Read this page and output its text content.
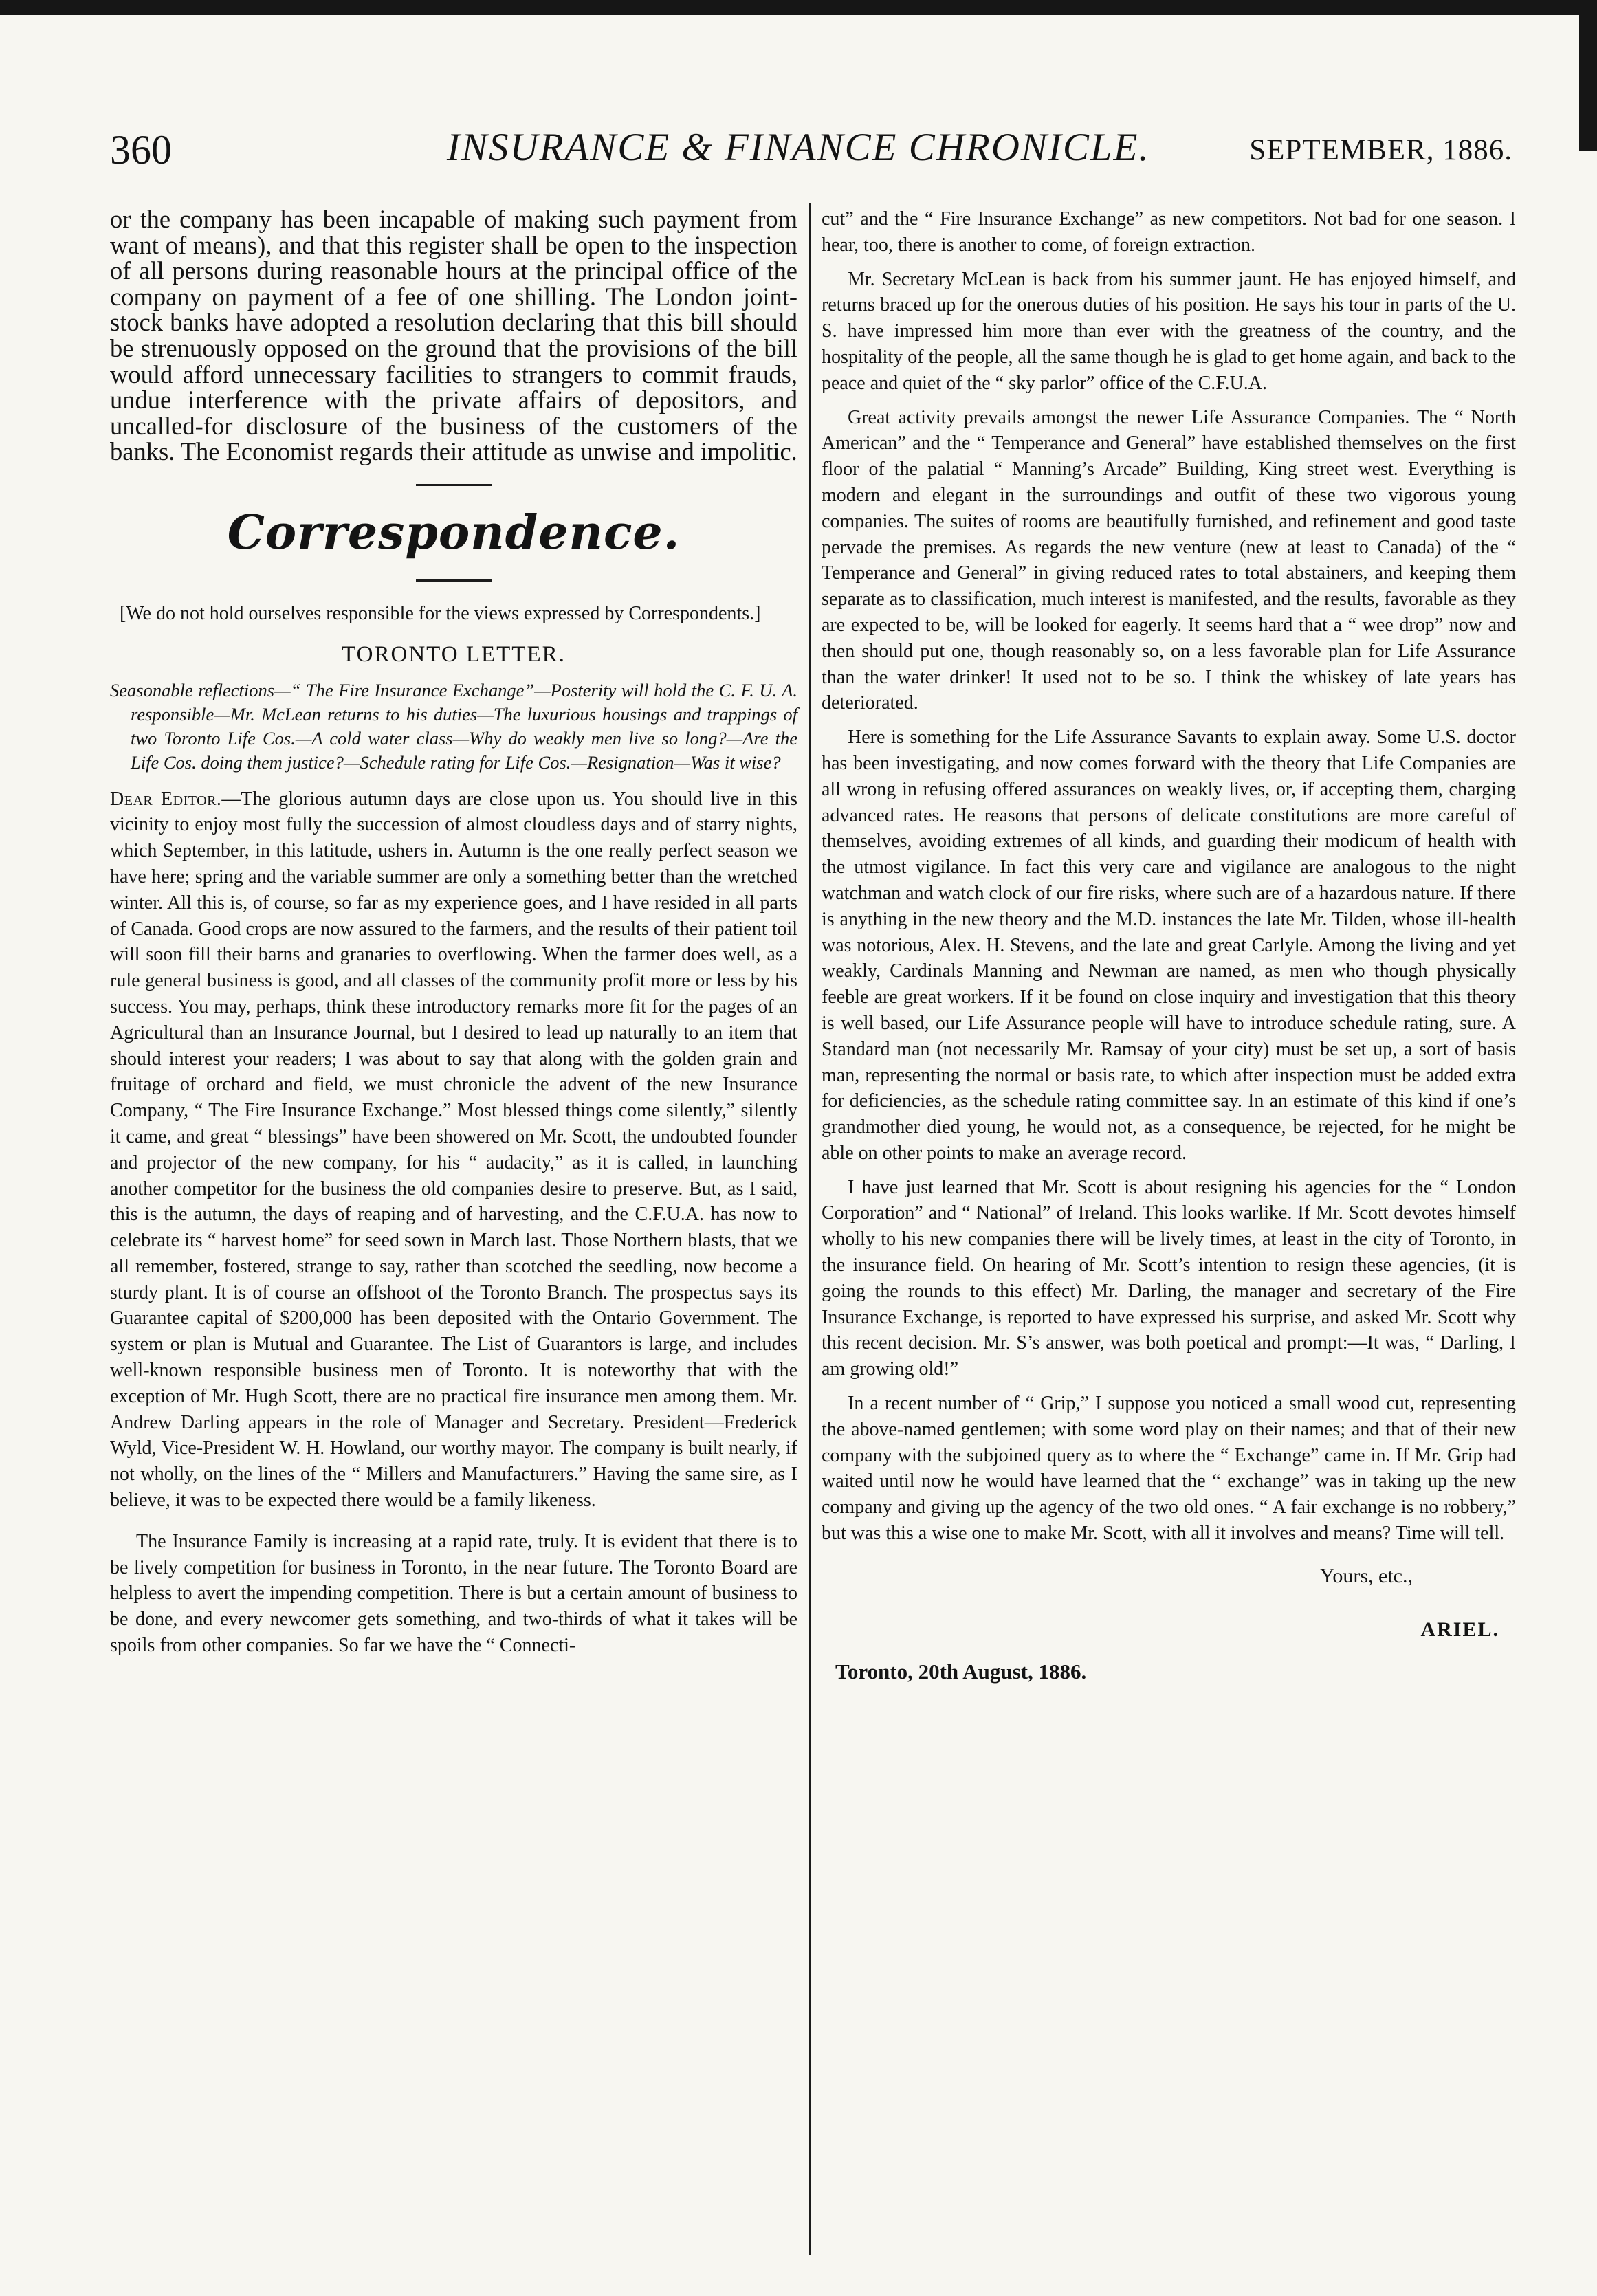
360	INSURANCE & FINANCE CHRONICLE.	SEPTEMBER, 1886.

or the company has been incapable of making such payment from want of means), and that this register shall be open to the inspection of all persons during reasonable hours at the principal office of the company on payment of a fee of one shilling. The London joint-stock banks have adopted a resolution declaring that this bill should be strenuously opposed on the ground that the provisions of the bill would afford unnecessary facilities to strangers to commit frauds, undue interference with the private affairs of depositors, and uncalled-for disclosure of the business of the customers of the banks. The Economist regards their attitude as unwise and impolitic.

Correspondence.

[We do not hold ourselves responsible for the views expressed by Correspondents.]

TORONTO LETTER.

Seasonable reflections—“ The Fire Insurance Exchange”—Posterity will hold the C. F. U. A. responsible—Mr. McLean returns to his duties—The luxurious housings and trappings of two Toronto Life Cos.—A cold water class—Why do weakly men live so long?—Are the Life Cos. doing them justice?—Schedule rating for Life Cos.—Resignation—Was it wise?

Dear Editor.—The glorious autumn days are close upon us. You should live in this vicinity to enjoy most fully the succession of almost cloudless days and of starry nights, which September, in this latitude, ushers in. Autumn is the one really perfect season we have here; spring and the variable summer are only a something better than the wretched winter. All this is, of course, so far as my experience goes, and I have resided in all parts of Canada. Good crops are now assured to the farmers, and the results of their patient toil will soon fill their barns and granaries to overflowing. When the farmer does well, as a rule general business is good, and all classes of the community profit more or less by his success. You may, perhaps, think these introductory remarks more fit for the pages of an Agricultural than an Insurance Journal, but I desired to lead up naturally to an item that should interest your readers; I was about to say that along with the golden grain and fruitage of orchard and field, we must chronicle the advent of the new Insurance Company, “ The Fire Insurance Exchange.” Most blessed things come silently,” silently it came, and great “ blessings” have been showered on Mr. Scott, the undoubted founder and projector of the new company, for his “ audacity,” as it is called, in launching another competitor for the business the old companies desire to preserve. But, as I said, this is the autumn, the days of reaping and of harvesting, and the C.F.U.A. has now to celebrate its “ harvest home” for seed sown in March last. Those Northern blasts, that we all remember, fostered, strange to say, rather than scotched the seedling, now become a sturdy plant. It is of course an offshoot of the Toronto Branch. The prospectus says its Guarantee capital of $200,000 has been deposited with the Ontario Government. The system or plan is Mutual and Guarantee. The List of Guarantors is large, and includes well-known responsible business men of Toronto. It is noteworthy that with the exception of Mr. Hugh Scott, there are no practical fire insurance men among them. Mr. Andrew Darling appears in the role of Manager and Secretary. President—Frederick Wyld, Vice-President W. H. Howland, our worthy mayor. The company is built nearly, if not wholly, on the lines of the “ Millers and Manufacturers.” Having the same sire, as I believe, it was to be expected there would be a family likeness.

The Insurance Family is increasing at a rapid rate, truly. It is evident that there is to be lively competition for business in Toronto, in the near future. The Toronto Board are helpless to avert the impending competition. There is but a certain amount of business to be done, and every newcomer gets something, and two-thirds of what it takes will be spoils from other companies. So far we have the “ Connecti-

cut” and the “ Fire Insurance Exchange” as new competitors. Not bad for one season. I hear, too, there is another to come, of foreign extraction.

Mr. Secretary McLean is back from his summer jaunt. He has enjoyed himself, and returns braced up for the onerous duties of his position. He says his tour in parts of the U. S. have impressed him more than ever with the greatness of the country, and the hospitality of the people, all the same though he is glad to get home again, and back to the peace and quiet of the “ sky parlor” office of the C.F.U.A.

Great activity prevails amongst the newer Life Assurance Companies. The “ North American” and the “ Temperance and General” have established themselves on the first floor of the palatial “ Manning’s Arcade” Building, King street west. Everything is modern and elegant in the surroundings and outfit of these two vigorous young companies. The suites of rooms are beautifully furnished, and refinement and good taste pervade the premises. As regards the new venture (new at least to Canada) of the “ Temperance and General” in giving reduced rates to total abstainers, and keeping them separate as to classification, much interest is manifested, and the results, favorable as they are expected to be, will be looked for eagerly. It seems hard that a “ wee drop” now and then should put one, though reasonably so, on a less favorable plan for Life Assurance than the water drinker! It used not to be so. I think the whiskey of late years has deteriorated.

Here is something for the Life Assurance Savants to explain away. Some U.S. doctor has been investigating, and now comes forward with the theory that Life Companies are all wrong in refusing offered assurances on weakly lives, or, if accepting them, charging advanced rates. He reasons that persons of delicate constitutions are more careful of themselves, avoiding extremes of all kinds, and guarding their modicum of health with the utmost vigilance. In fact this very care and vigilance are analogous to the night watchman and watch clock of our fire risks, where such are of a hazardous nature. If there is anything in the new theory and the M.D. instances the late Mr. Tilden, whose ill-health was notorious, Alex. H. Stevens, and the late and great Carlyle. Among the living and yet weakly, Cardinals Manning and Newman are named, as men who though physically feeble are great workers. If it be found on close inquiry and investigation that this theory is well based, our Life Assurance people will have to introduce schedule rating, sure. A Standard man (not necessarily Mr. Ramsay of your city) must be set up, a sort of basis man, representing the normal or basis rate, to which after inspection must be added extra for deficiencies, as the schedule rating committee say. In an estimate of this kind if one’s grandmother died young, he would not, as a consequence, be rejected, for he might be able on other points to make an average record.

I have just learned that Mr. Scott is about resigning his agencies for the “ London Corporation” and “ National” of Ireland. This looks warlike. If Mr. Scott devotes himself wholly to his new companies there will be lively times, at least in the city of Toronto, in the insurance field. On hearing of Mr. Scott’s intention to resign these agencies, (it is going the rounds to this effect) Mr. Darling, the manager and secretary of the Fire Insurance Exchange, is reported to have expressed his surprise, and asked Mr. Scott why this recent decision. Mr. S’s answer, was both poetical and prompt:—It was, “ Darling, I am growing old!”

In a recent number of “ Grip,” I suppose you noticed a small wood cut, representing the above-named gentlemen; with some word play on their names; and that of their new company with the subjoined query as to where the “ Exchange” came in. If Mr. Grip had waited until now he would have learned that the “ exchange” was in taking up the new company and giving up the agency of the two old ones. “ A fair exchange is no robbery,” but was this a wise one to make Mr. Scott, with all it involves and means? Time will tell.

Yours, etc.,
ARIEL.
Toronto, 20th August, 1886.
